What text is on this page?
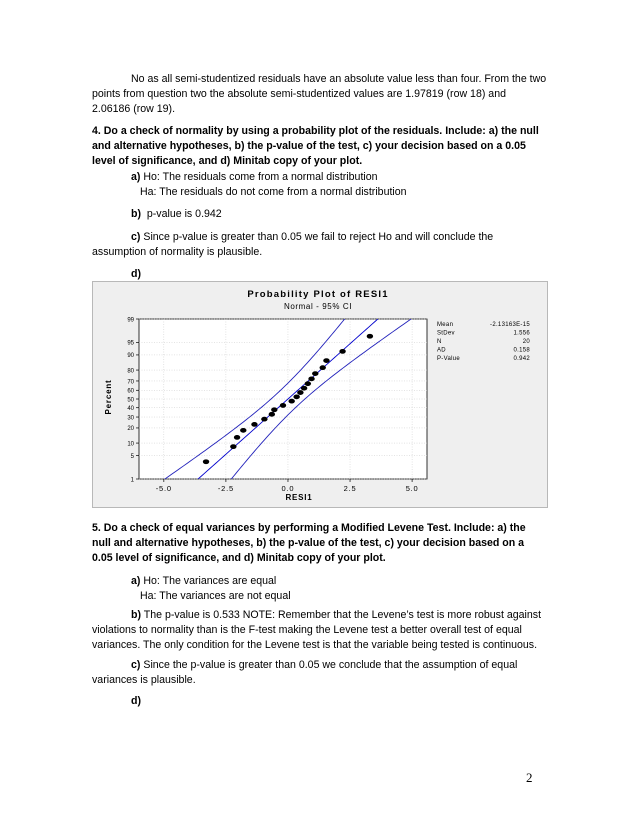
No as all semi-studentized residuals have an absolute value less than four. From the two points from question two the absolute semi-studentized values are 1.97819 (row 18) and 2.06186 (row 19).

4. Do a check of normality by using a probability plot of the residuals. Include: a) the null and alternative hypotheses, b) the p-value of the test, c) your decision based on a 0.05 level of significance, and d) Minitab copy of your plot.

a) Ho: The residuals come from a normal distribution

Ha: The residuals do not come from a normal distribution

b) p-value is 0.942

c) Since p-value is greater than 0.05 we fail to reject Ho and will conclude the assumption of normality is plausible.

d)

Probability Plot of RESI1
Normal - 95% CI
RESI1
Percent
-5.0	-2.5	0.0	2.5	5.0
1
5
10
20
30
40
50
60
70
80
90
95
99
Mean	-2.13163E-15
StDev	1.556
N	20
AD	0.158
P-Value	0.942

5. Do a check of equal variances by performing a Modified Levene Test. Include: a) the null and alternative hypotheses, b) the p-value of the test, c) your decision based on a 0.05 level of significance, and d) Minitab copy of your plot.

a) Ho: The variances are equal

Ha: The variances are not equal

b) The p-value is 0.533 NOTE: Remember that the Levene’s test is more robust against violations to normality than is the F-test making the Levene test a better overall test of equal variances. The only condition for the Levene test is that the variable being tested is continuous.

c) Since the p-value is greater than 0.05 we conclude that the assumption of equal variances is plausible.

d)

2
